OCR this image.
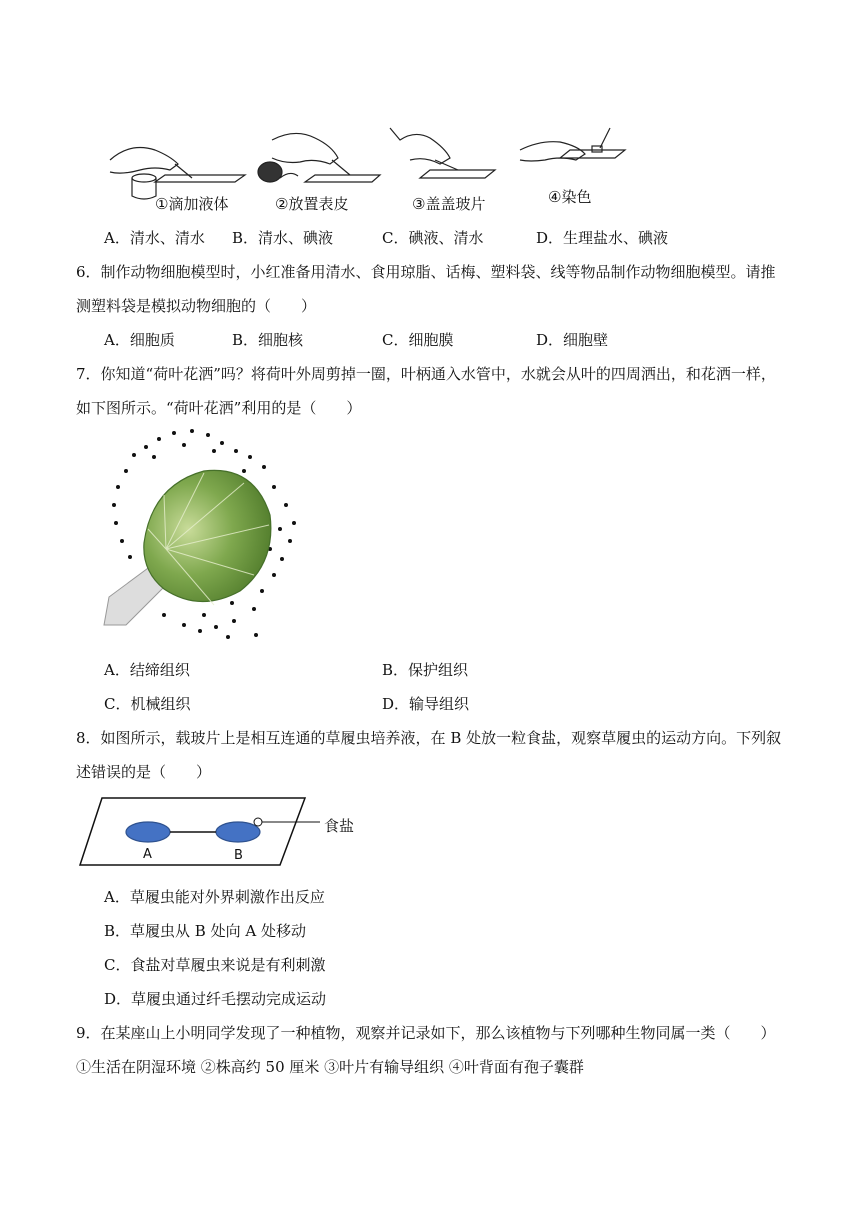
①滴加液体	②放置表皮	③盖盖玻片	④染色
A．清水、清水 B．清水、碘液	C．碘液、清水	D．生理盐水、碘液
6．制作动物细胞模型时，小红准备用清水、食用琼脂、话梅、塑料袋、线等物品制作动物细胞模型。请推
测塑料袋是模拟动物细胞的（　　）
A．细胞质	B．细胞核	C．细胞膜	D．细胞壁
7．你知道“荷叶花洒”吗？将荷叶外周剪掉一圈，叶柄通入水管中，水就会从叶的四周洒出，和花洒一样，
如下图所示。“荷叶花洒”利用的是（　　）
A．结缔组织	B．保护组织
C．机械组织	D．输导组织
8．如图所示，载玻片上是相互连通的草履虫培养液，在 B 处放一粒食盐，观察草履虫的运动方向。下列叙
述错误的是（　　）
A	B
食盐
A．草履虫能对外界刺激作出反应
B．草履虫从 B 处向 A 处移动
C．食盐对草履虫来说是有利刺激
D．草履虫通过纤毛摆动完成运动
9．在某座山上小明同学发现了一种植物，观察并记录如下，那么该植物与下列哪种生物同属一类（　　）
①生活在阴湿环境 ②株高约 50 厘米 ③叶片有输导组织 ④叶背面有孢子囊群
